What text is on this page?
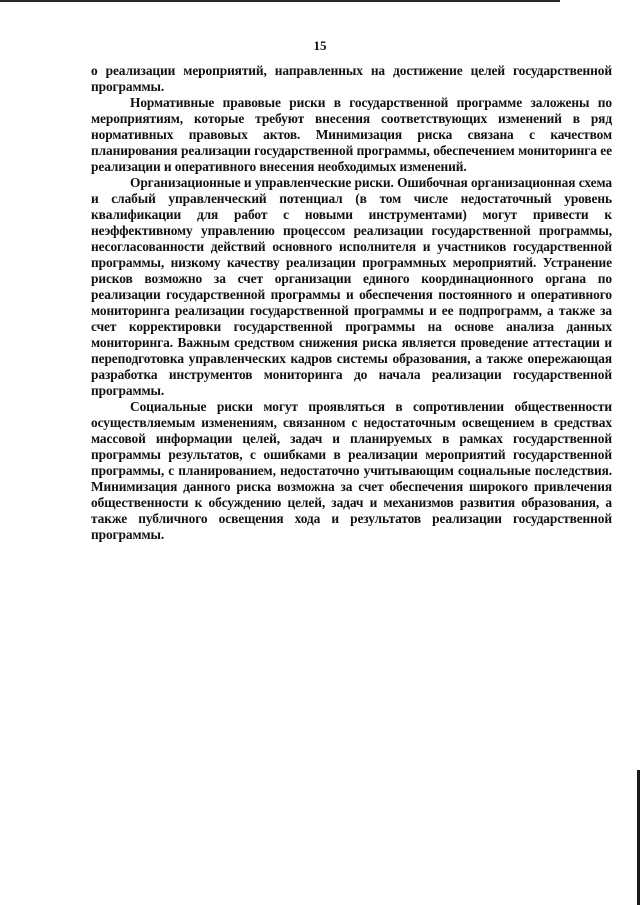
15

о реализации мероприятий, направленных на достижение целей государственной программы.

Нормативные правовые риски в государственной программе заложены по мероприятиям, которые требуют внесения соответствующих изменений в ряд нормативных правовых актов. Минимизация риска связана с качеством планирования реализации государственной программы, обеспечением мониторинга ее реализации и оперативного внесения необходимых изменений.

Организационные и управленческие риски. Ошибочная организационная схема и слабый управленческий потенциал (в том числе недостаточный уровень квалификации для работ с новыми инструментами) могут привести к неэффективному управлению процессом реализации государственной программы, несогласованности действий основного исполнителя и участников государственной программы, низкому качеству реализации программных мероприятий. Устранение рисков возможно за счет организации единого координационного органа по реализации государственной программы и обеспечения постоянного и оперативного мониторинга реализации государственной программы и ее подпрограмм, а также за счет корректировки государственной программы на основе анализа данных мониторинга. Важным средством снижения риска является проведение аттестации и переподготовка управленческих кадров системы образования, а также опережающая разработка инструментов мониторинга до начала реализации государственной программы.

Социальные риски могут проявляться в сопротивлении общественности осуществляемым изменениям, связанном с недостаточным освещением в средствах массовой информации целей, задач и планируемых в рамках государственной программы результатов, с ошибками в реализации мероприятий государственной программы, с планированием, недостаточно учитывающим социальные последствия. Минимизация данного риска возможна за счет обеспечения широкого привлечения общественности к обсуждению целей, задач и механизмов развития образования, а также публичного освещения хода и результатов реализации государственной программы.
